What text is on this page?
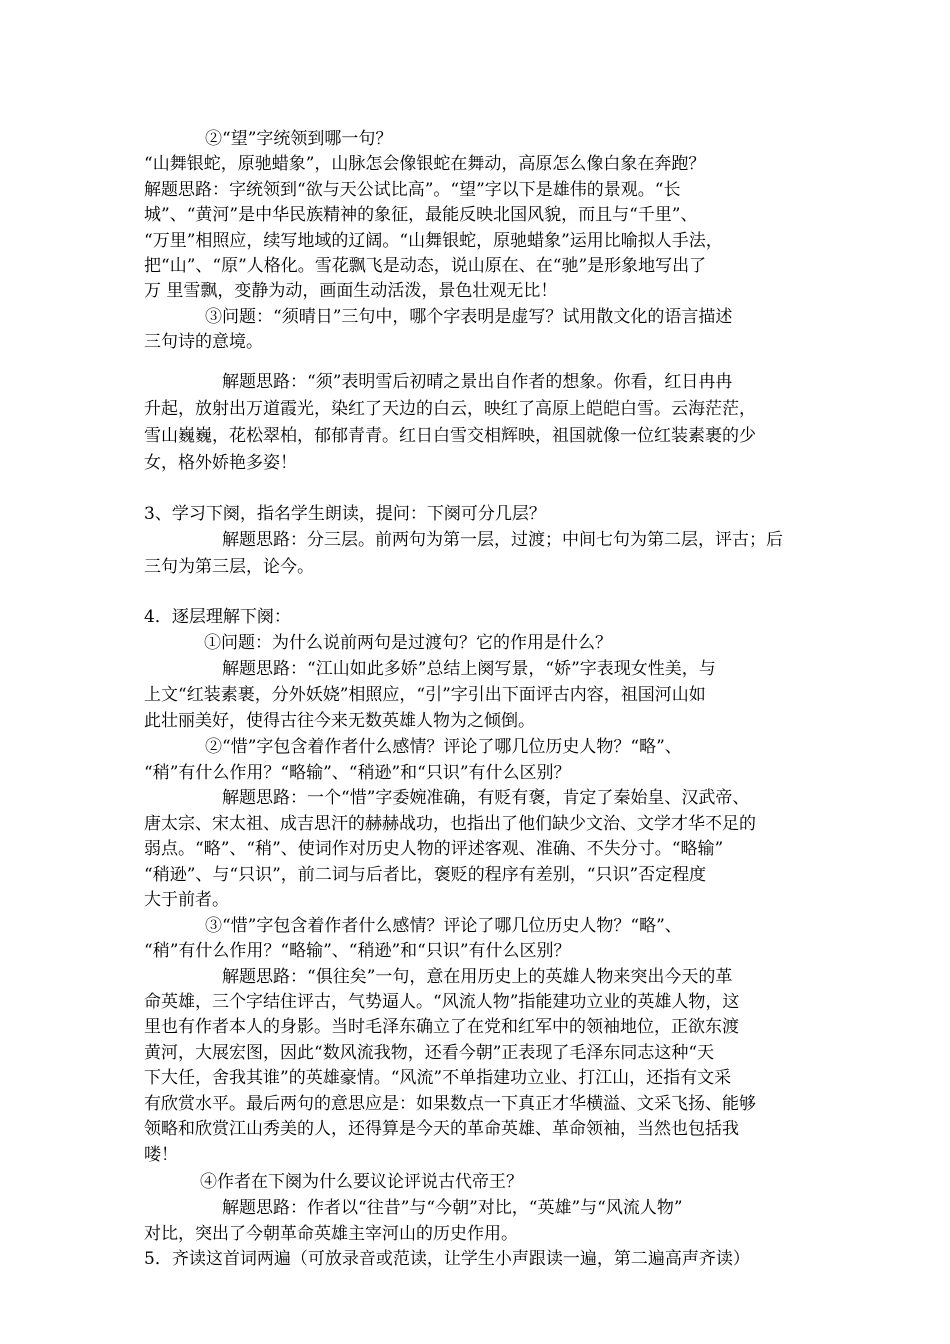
②“望”字统领到哪一句？
“山舞银蛇，原驰蜡象”，山脉怎会像银蛇在舞动，高原怎么像白象在奔跑？
解题思路：字统领到“欲与天公试比高”。“望”字以下是雄伟的景观。“长
城”、“黄河”是中华民族精神的象征，最能反映北国风貌，而且与“千里”、
“万里”相照应，续写地域的辽阔。“山舞银蛇，原驰蜡象”运用比喻拟人手法，
把“山”、“原”人格化。雪花飘飞是动态，说山原在、在“驰”是形象地写出了
万 里雪飘，变静为动，画面生动活泼，景色壮观无比！
③问题：“须晴日”三句中，哪个字表明是虚写？试用散文化的语言描述
三句诗的意境。
解题思路：“须”表明雪后初晴之景出自作者的想象。你看，红日冉冉
升起，放射出万道霞光，染红了天边的白云，映红了高原上皑皑白雪。云海茫茫，
雪山巍巍，花松翠柏，郁郁青青。红日白雪交相辉映，祖国就像一位红装素裹的少
女，格外娇艳多姿！
3、学习下阕，指名学生朗读，提问：下阕可分几层？
解题思路：分三层。前两句为第一层，过渡；中间七句为第二层，评古；后
三句为第三层，论今。
4．逐层理解下阕：
①问题：为什么说前两句是过渡句？它的作用是什么？
解题思路：“江山如此多娇”总结上阕写景，“娇”字表现女性美，与
上文“红装素裹，分外妖娆”相照应，“引”字引出下面评古内容，祖国河山如
此壮丽美好，使得古往今来无数英雄人物为之倾倒。
②“惜”字包含着作者什么感情？评论了哪几位历史人物？“略”、
“稍”有什么作用？“略输”、“稍逊”和“只识”有什么区别？
解题思路：一个“惜”字委婉准确，有贬有褒，肯定了秦始皇、汉武帝、
唐太宗、宋太祖、成吉思汗的赫赫战功，也指出了他们缺少文治、文学才华不足的
弱点。“略”、“稍”、使词作对历史人物的评述客观、准确、不失分寸。“略输”
“稍逊”、与“只识”，前二词与后者比，褒贬的程序有差别，“只识”否定程度
大于前者。
③“惜”字包含着作者什么感情？评论了哪几位历史人物？“略”、
“稍”有什么作用？“略输”、“稍逊”和“只识”有什么区别？
解题思路：“俱往矣”一句，意在用历史上的英雄人物来突出今天的革
命英雄，三个字结住评古，气势逼人。“风流人物”指能建功立业的英雄人物，这
里也有作者本人的身影。当时毛泽东确立了在党和红军中的领袖地位，正欲东渡
黄河，大展宏图，因此“数风流我物，还看今朝”正表现了毛泽东同志这种“天
下大任，舍我其谁”的英雄豪情。“风流”不单指建功立业、打江山，还指有文采
有欣赏水平。最后两句的意思应是：如果数点一下真正才华横溢、文采飞扬、能够
领略和欣赏江山秀美的人，还得算是今天的革命英雄、革命领袖，当然也包括我
喽！
④作者在下阕为什么要议论评说古代帝王？
解题思路：作者以“往昔”与“今朝”对比，“英雄”与“风流人物”
对比，突出了今朝革命英雄主宰河山的历史作用。
5．齐读这首词两遍（可放录音或范读，让学生小声跟读一遍，第二遍高声齐读）
